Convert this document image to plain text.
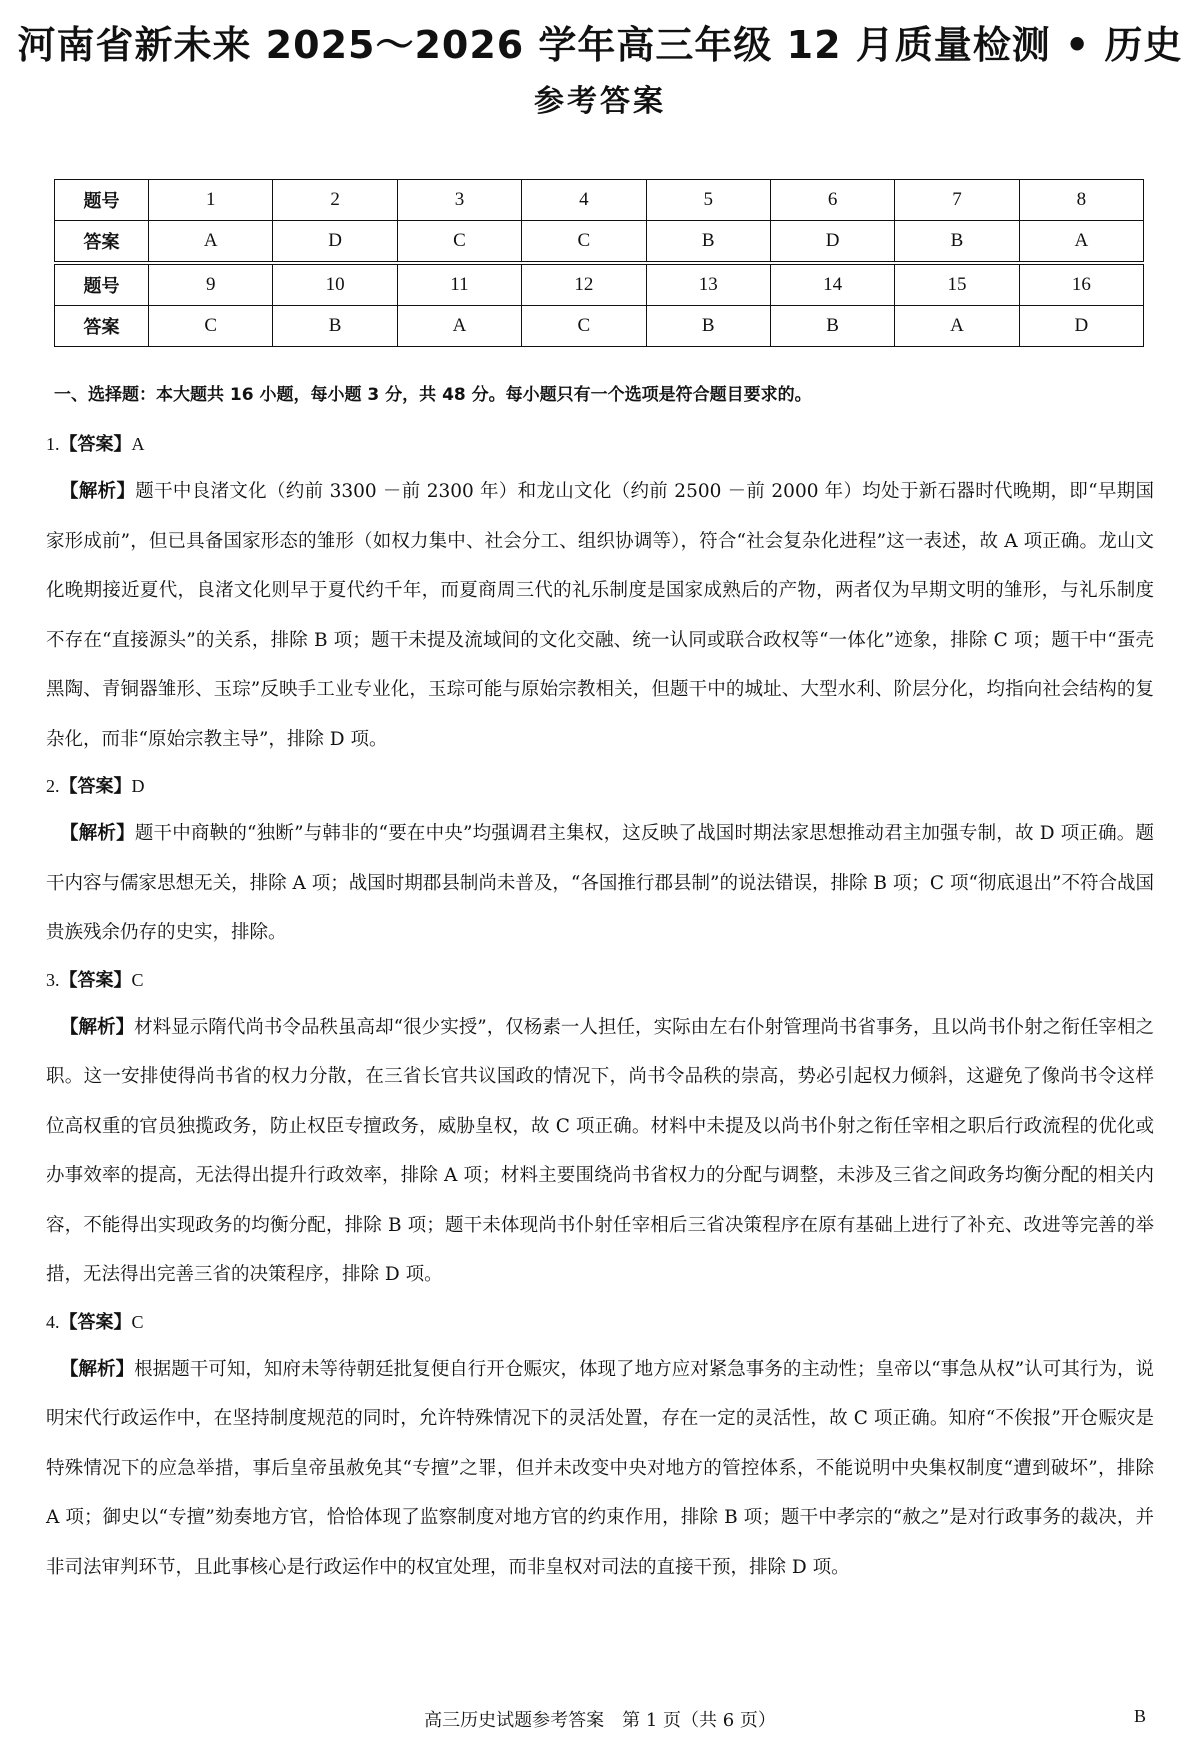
河南省新未来 2025～2026 学年高三年级 12 月质量检测 • 历史
参考答案
题号	1	2	3	4	5	6	7	8
答案	A	D	C	C	B	D	B	A

题号	9	10	11	12	13	14	15	16
答案	C	B	A	C	B	B	A	D
一、选择题：本大题共 16 小题，每小题 3 分，共 48 分。每小题只有一个选项是符合题目要求的。
1.【答案】A

【解析】题干中良渚文化（约前 3300 －前 2300 年）和龙山文化（约前 2500 －前 2000 年）均处于新石器时代晚期，即“早期国家形成前”，但已具备国家形态的雏形（如权力集中、社会分工、组织协调等），符合“社会复杂化进程”这一表述，故 A 项正确。龙山文化晚期接近夏代，良渚文化则早于夏代约千年，而夏商周三代的礼乐制度是国家成熟后的产物，两者仅为早期文明的雏形，与礼乐制度不存在“直接源头”的关系，排除 B 项；题干未提及流域间的文化交融、统一认同或联合政权等“一体化”迹象，排除 C 项；题干中“蛋壳黑陶、青铜器雏形、玉琮”反映手工业专业化，玉琮可能与原始宗教相关，但题干中的城址、大型水利、阶层分化，均指向社会结构的复杂化，而非“原始宗教主导”，排除 D 项。

2.【答案】D

【解析】题干中商鞅的“独断”与韩非的“要在中央”均强调君主集权，这反映了战国时期法家思想推动君主加强专制，故 D 项正确。题干内容与儒家思想无关，排除 A 项；战国时期郡县制尚未普及，“各国推行郡县制”的说法错误，排除 B 项；C 项“彻底退出”不符合战国贵族残余仍存的史实，排除。

3.【答案】C

【解析】材料显示隋代尚书令品秩虽高却“很少实授”，仅杨素一人担任，实际由左右仆射管理尚书省事务，且以尚书仆射之衔任宰相之职。这一安排使得尚书省的权力分散，在三省长官共议国政的情况下，尚书令品秩的崇高，势必引起权力倾斜，这避免了像尚书令这样位高权重的官员独揽政务，防止权臣专擅政务，威胁皇权，故 C 项正确。材料中未提及以尚书仆射之衔任宰相之职后行政流程的优化或办事效率的提高，无法得出提升行政效率，排除 A 项；材料主要围绕尚书省权力的分配与调整，未涉及三省之间政务均衡分配的相关内容，不能得出实现政务的均衡分配，排除 B 项；题干未体现尚书仆射任宰相后三省决策程序在原有基础上进行了补充、改进等完善的举措，无法得出完善三省的决策程序，排除 D 项。

4.【答案】C

【解析】根据题干可知，知府未等待朝廷批复便自行开仓赈灾，体现了地方应对紧急事务的主动性；皇帝以“事急从权”认可其行为，说明宋代行政运作中，在坚持制度规范的同时，允许特殊情况下的灵活处置，存在一定的灵活性，故 C 项正确。知府“不俟报”开仓赈灾是特殊情况下的应急举措，事后皇帝虽赦免其“专擅”之罪，但并未改变中央对地方的管控体系，不能说明中央集权制度“遭到破坏”，排除 A 项；御史以“专擅”劾奏地方官，恰恰体现了监察制度对地方官的约束作用，排除 B 项；题干中孝宗的“赦之”是对行政事务的裁决，并非司法审判环节，且此事核心是行政运作中的权宜处理，而非皇权对司法的直接干预，排除 D 项。

高三历史试题参考答案　第 1 页（共 6 页）	B
